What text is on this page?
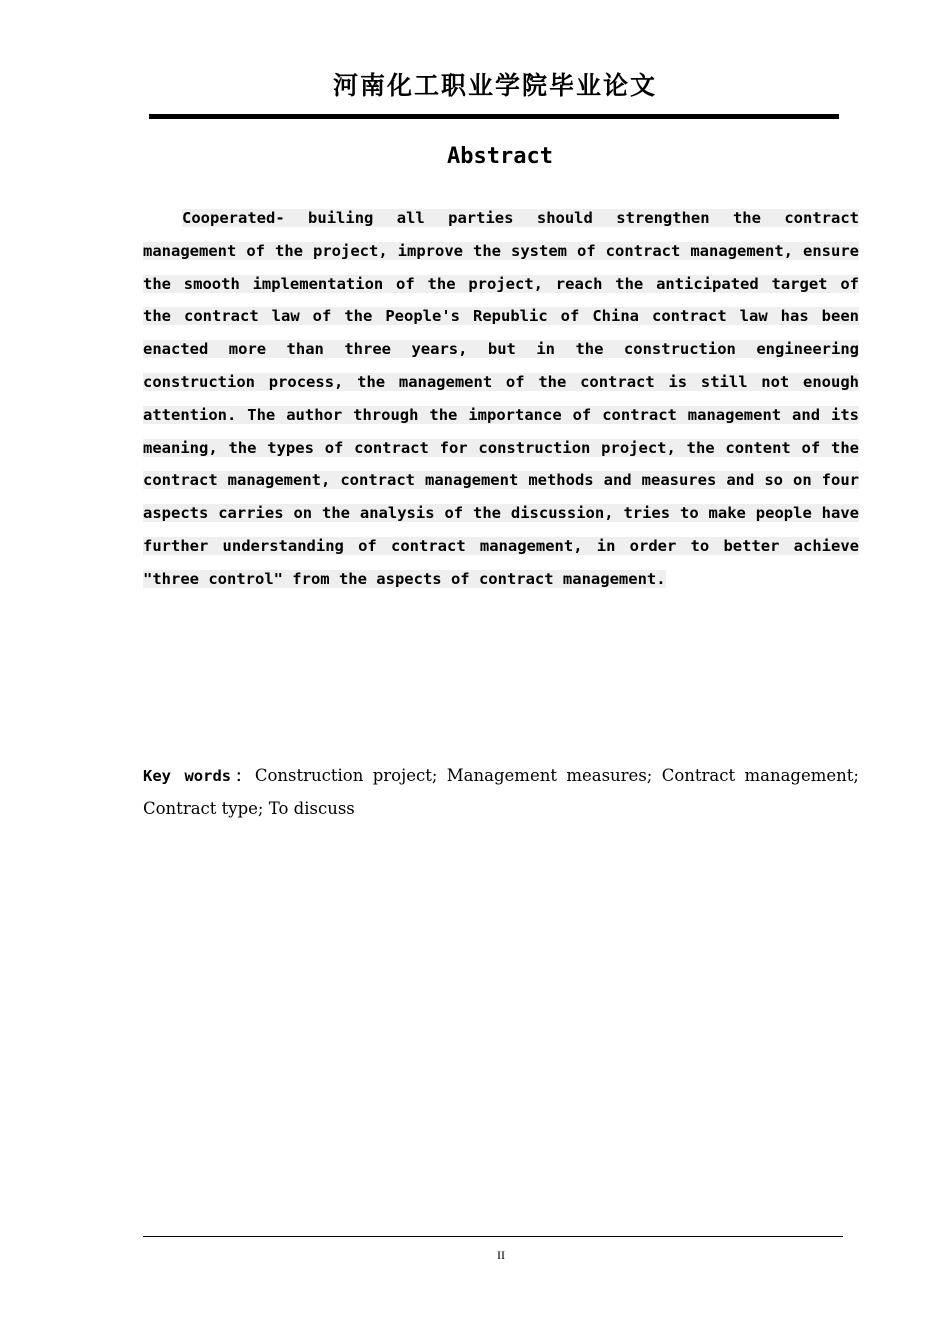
河南化工职业学院毕业论文
Abstract

Cooperated- builing all parties should strengthen the contract management of the project, improve the system of contract management, ensure the smooth implementation of the project, reach the anticipated target of the contract law of the People's Republic of China contract law has been enacted more than three years, but in the construction engineering construction process, the management of the contract is still not enough attention. The author through the importance of contract management and its meaning, the types of contract for construction project, the content of the contract management, contract management methods and measures and so on four aspects carries on the analysis of the discussion, tries to make people have further understanding of contract management, in order to better achieve "three control" from the aspects of contract management.

Key words：Construction project; Management measures; Contract management; Contract type; To discuss

II
